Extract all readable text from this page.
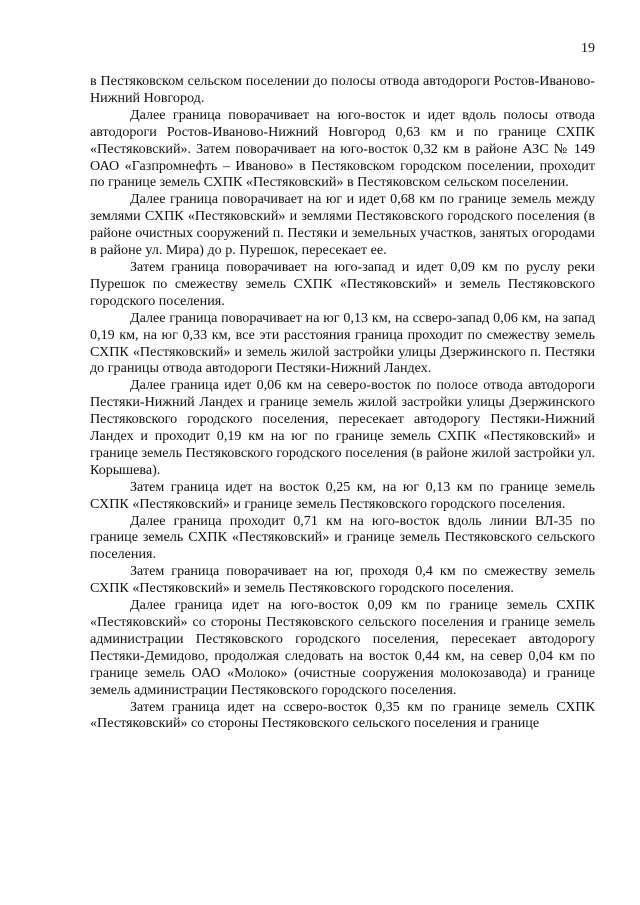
19

в Пестяковском сельском поселении до полосы отвода автодороги Ростов-Иваново-Нижний Новгород.

Далее граница поворачивает на юго-восток и идет вдоль полосы отвода автодороги Ростов-Иваново-Нижний Новгород 0,63 км и по границе СХПК «Пестяковский». Затем поворачивает на юго-восток 0,32 км в районе АЗС № 149 ОАО «Газпромнефть – Иваново» в Пестяковском городском поселении, проходит по границе земель СХПК «Пестяковский» в Пестяковском сельском поселении.

Далее граница поворачивает на юг и идет 0,68 км по границе земель между землями СХПК «Пестяковский» и землями Пестяковского городского поселения (в районе очистных сооружений п. Пестяки и земельных участков, занятых огородами в районе ул. Мира) до р. Пурешок, пересекает ее.

Затем граница поворачивает на юго-запад и идет 0,09 км по руслу реки Пурешок по смежеству земель СХПК «Пестяковский» и земель Пестяковского городского поселения.

Далее граница поворачивает на юг 0,13 км, на ссверо-запад 0,06 км, на запад 0,19 км, на юг 0,33 км, все эти расстояния граница проходит по смежеству земель СХПК «Пестяковский» и земель жилой застройки улицы Дзержинского п. Пестяки до границы отвода автодороги Пестяки-Нижний Ландех.

Далее граница идет 0,06 км на северо-восток по полосе отвода автодороги Пестяки-Нижний Ландех и границе земель жилой застройки улицы Дзержинского Пестяковского городского поселения, пересекает автодорогу Пестяки-Нижний Ландех и проходит 0,19 км на юг по границе земель СХПК «Пестяковский» и границе земель Пестяковского городского поселения (в районе жилой застройки ул. Корышева).

Затем граница идет на восток 0,25 км, на юг 0,13 км по границе земель СХПК «Пестяковский» и границе земель Пестяковского городского поселения.

Далее граница проходит 0,71 км на юго-восток вдоль линии ВЛ-35 по границе земель СХПК «Пестяковский» и границе земель Пестяковского сельского поселения.

Затем граница поворачивает на юг, проходя 0,4 км по смежеству земель СХПК «Пестяковский» и земель Пестяковского городского поселения.

Далее граница идет на юго-восток 0,09 км по границе земель СХПК «Пестяковский» со стороны Пестяковского сельского поселения и границе земель администрации Пестяковского городского поселения, пересекает автодорогу Пестяки-Демидово, продолжая следовать на восток 0,44 км, на север 0,04 км по границе земель ОАО «Молоко» (очистные сооружения молокозавода) и границе земель администрации Пестяковского городского поселения.

Затем граница идет на ссверо-восток 0,35 км по границе земель СХПК «Пестяковский» со стороны Пестяковского сельского поселения и границе
